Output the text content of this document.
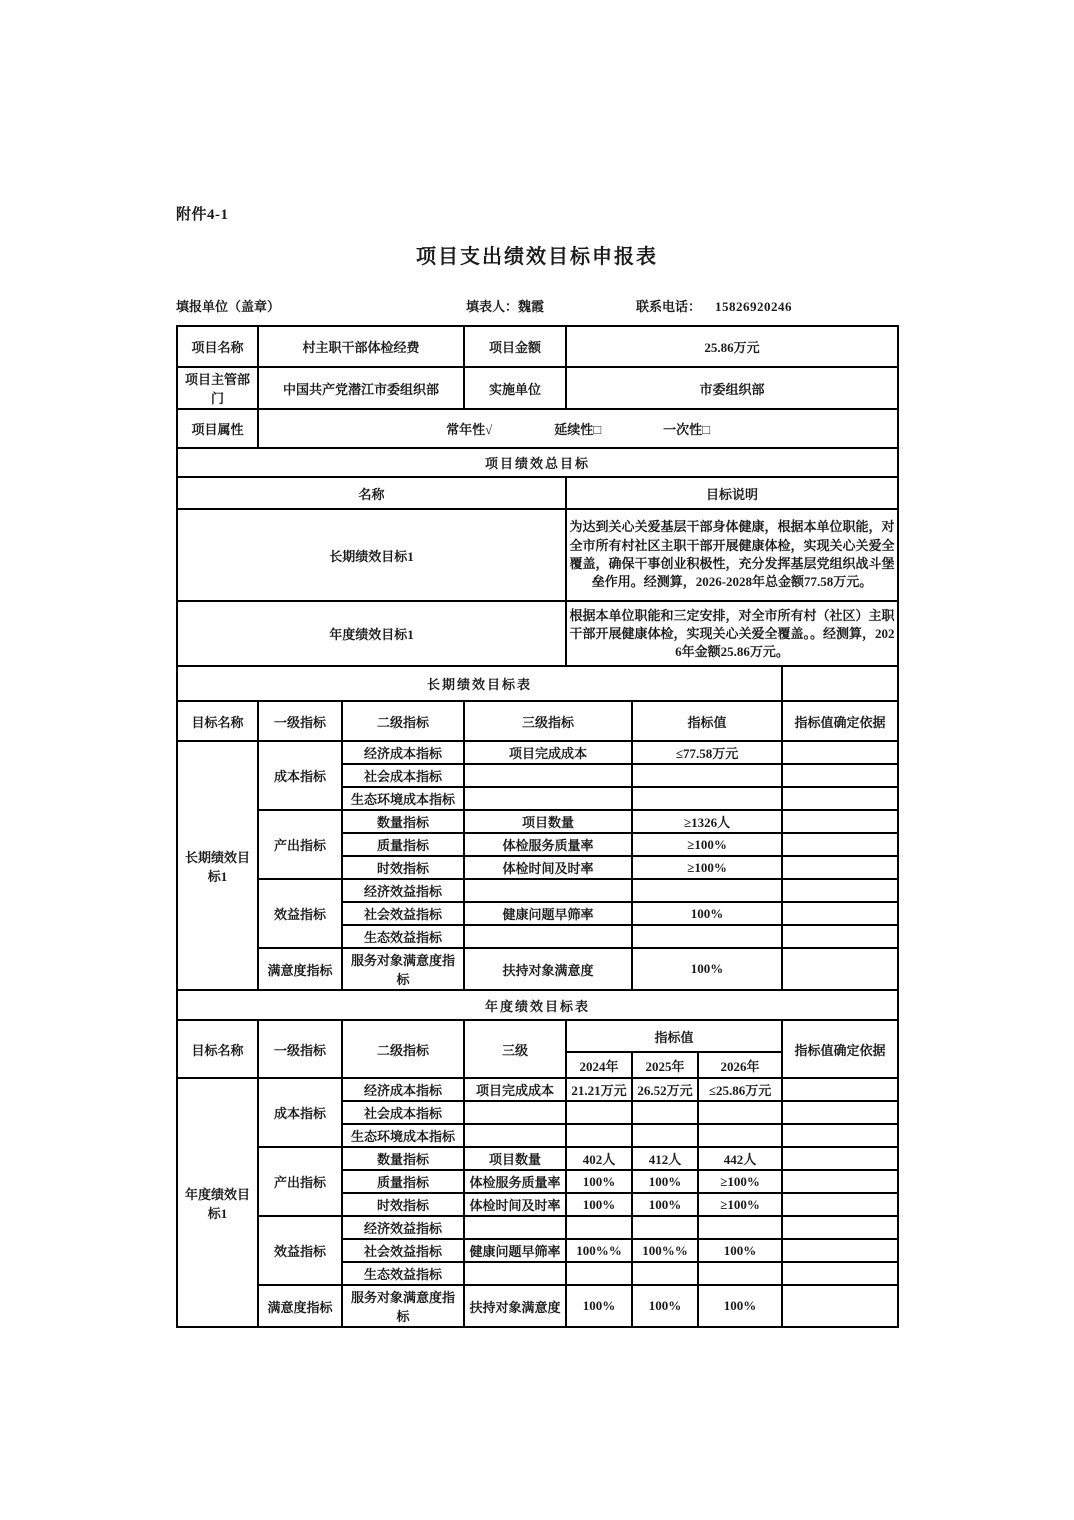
附件4-1
项目支出绩效目标申报表
填报单位（盖章）	填表人：魏霞	联系电话： 15826920246
项目名称	村主职干部体检经费		项目金额	25.86万元			
项目主管部门	中国共产党潜江市委组织部		实施单位	市委组织部			
项目属性	常年性√ 延续性□ 一次性□						

项目绩效总目标							
名称				目标说明			
长期绩效目标1				为达到关心关爱基层干部身体健康，根据本单位职能，对全市所有村社区主职干部开展健康体检，实现关心关爱全覆盖，确保干事创业积极性，充分发挥基层党组织战斗堡垒作用。经测算，2026-2028年总金额77.58万元。			
年度绩效目标1				根据本单位职能和三定安排，对全市所有村（社区）主职干部开展健康体检，实现关心关爱全覆盖。。经测算，2026年金额25.86万元。			
长期绩效目标表							
目标名称	一级指标	二级指标	三级指标		指标值		指标值确定依据
长期绩效目标1	成本指标	经济成本指标	项目完成成本		≤77.58万元		
		社会成本指标					
		生态环境成本指标					
	产出指标	数量指标	项目数量		≥1326人		
		质量指标	体检服务质量率		≥100%		
		时效指标	体检时间及时率		≥100%		
	效益指标	经济效益指标					
		社会效益指标	健康问题早筛率		100%		
		生态效益指标					
	满意度指标	服务对象满意度指标	扶持对象满意度		100%		
年度绩效目标表							
目标名称	一级指标	二级指标	三级	指标值			指标值确定依据
				2024年	2025年	2026年	
年度绩效目标1	成本指标	经济成本指标	项目完成成本	21.21万元	26.52万元	≤25.86万元	
		社会成本指标					
		生态环境成本指标					
	产出指标	数量指标	项目数量	402人	412人	442人	
		质量指标	体检服务质量率	100%	100%	≥100%	
		时效指标	体检时间及时率	100%	100%	≥100%	
	效益指标	经济效益指标					
		社会效益指标	健康问题早筛率	100%%	100%%	100%	
		生态效益指标					
	满意度指标	服务对象满意度指标	扶持对象满意度	100%	100%	100%	
